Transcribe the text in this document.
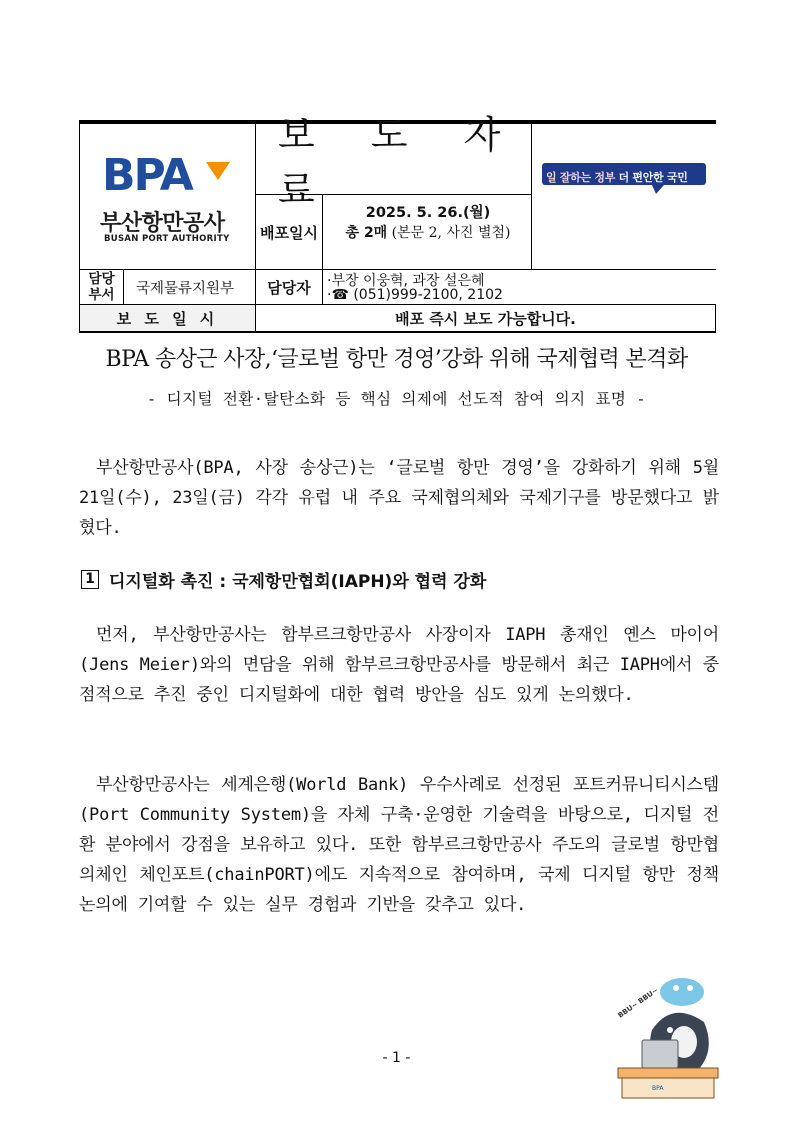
BPA
부산항만공사
BUSAN PORT AUTHORITY
보 도 자 료
배포일시
2025. 5. 26.(월)
총 2매 (본문 2, 사진 별첨)
담당부서 국제물류지원부 담당자 ·부장 이웅혁, 과장 설은혜
·☎ (051)999-2100, 2102
보 도 일 시	배포 즉시 보도 가능합니다.
일 잘하는 정부 더 편안한 국민
BPA 송상근 사장,‘글로벌 항만 경영’강화 위해 국제협력 본격화
- 디지털 전환·탈탄소화 등 핵심 의제에 선도적 참여 의지 표명 -
부산항만공사(BPA, 사장 송상근)는 ‘글로벌 항만 경영’을 강화하기 위해 5월 21일(수), 23일(금) 각각 유럽 내 주요 국제협의체와 국제기구를 방문했다고 밝혔다.
1 디지털화 촉진 : 국제항만협회(IAPH)와 협력 강화
먼저, 부산항만공사는 함부르크항만공사 사장이자 IAPH 총재인 옌스 마이어(Jens Meier)와의 면담을 위해 함부르크항만공사를 방문해서 최근 IAPH에서 중점적으로 추진 중인 디지털화에 대한 협력 방안을 심도 있게 논의했다.
부산항만공사는 세계은행(World Bank) 우수사례로 선정된 포트커뮤니티시스템(Port Community System)을 자체 구축·운영한 기술력을 바탕으로, 디지털 전환 분야에서 강점을 보유하고 있다. 또한 함부르크항만공사 주도의 글로벌 항만협의체인 체인포트(chainPORT)에도 지속적으로 참여하며, 국제 디지털 항만 정책 논의에 기여할 수 있는 실무 경험과 기반을 갖추고 있다.
BPA
BBU~ BBU~
- 1 -
